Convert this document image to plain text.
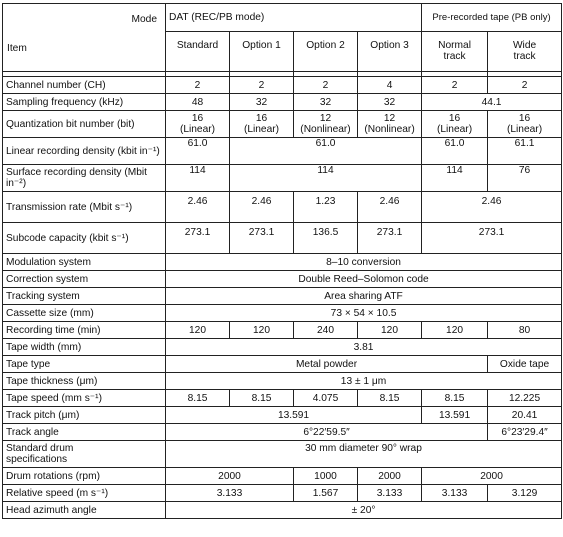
Mode
Item	DAT (REC/PB mode)				Pre-recorded tape (PB only)	
	Standard	Option 1	Option 2	Option 3	Normal track	Wide track

Channel number (CH)	2	2	2	4	2	2
Sampling frequency (kHz)	48	32	32	32	44.1	
Quantization bit number (bit)	16 (Linear)	16 (Linear)	12 (Nonlinear)	12 (Nonlinear)	16 (Linear)	16 (Linear)
Linear recording density (kbit in⁻¹)	61.0	61.0			61.0	61.1
Surface recording density (Mbit in⁻²)	114	114			114	76
Transmission rate (Mbit s⁻¹)	2.46	2.46	1.23	2.46	2.46	
Subcode capacity (kbit s⁻¹)	273.1	273.1	136.5	273.1	273.1	
Modulation system	8–10 conversion					
Correction system	Double Reed–Solomon code					
Tracking system	Area sharing ATF					
Cassette size (mm)	73 × 54 × 10.5					
Recording time (min)	120	120	240	120	120	80
Tape width (mm)	3.81					
Tape type	Metal powder					Oxide tape
Tape thickness (μm)	13 ± 1 μm					
Tape speed (mm s⁻¹)	8.15	8.15	4.075	8.15	8.15	12.225
Track pitch (μm)	13.591				13.591	20.41
Track angle	6°22′59.5″					6°23′29.4″
Standard drum specifications	30 mm diameter 90° wrap					
Drum rotations (rpm)	2000		1000	2000	2000	
Relative speed (m s⁻¹)	3.133		1.567	3.133	3.133	3.129
Head azimuth angle	± 20°					
